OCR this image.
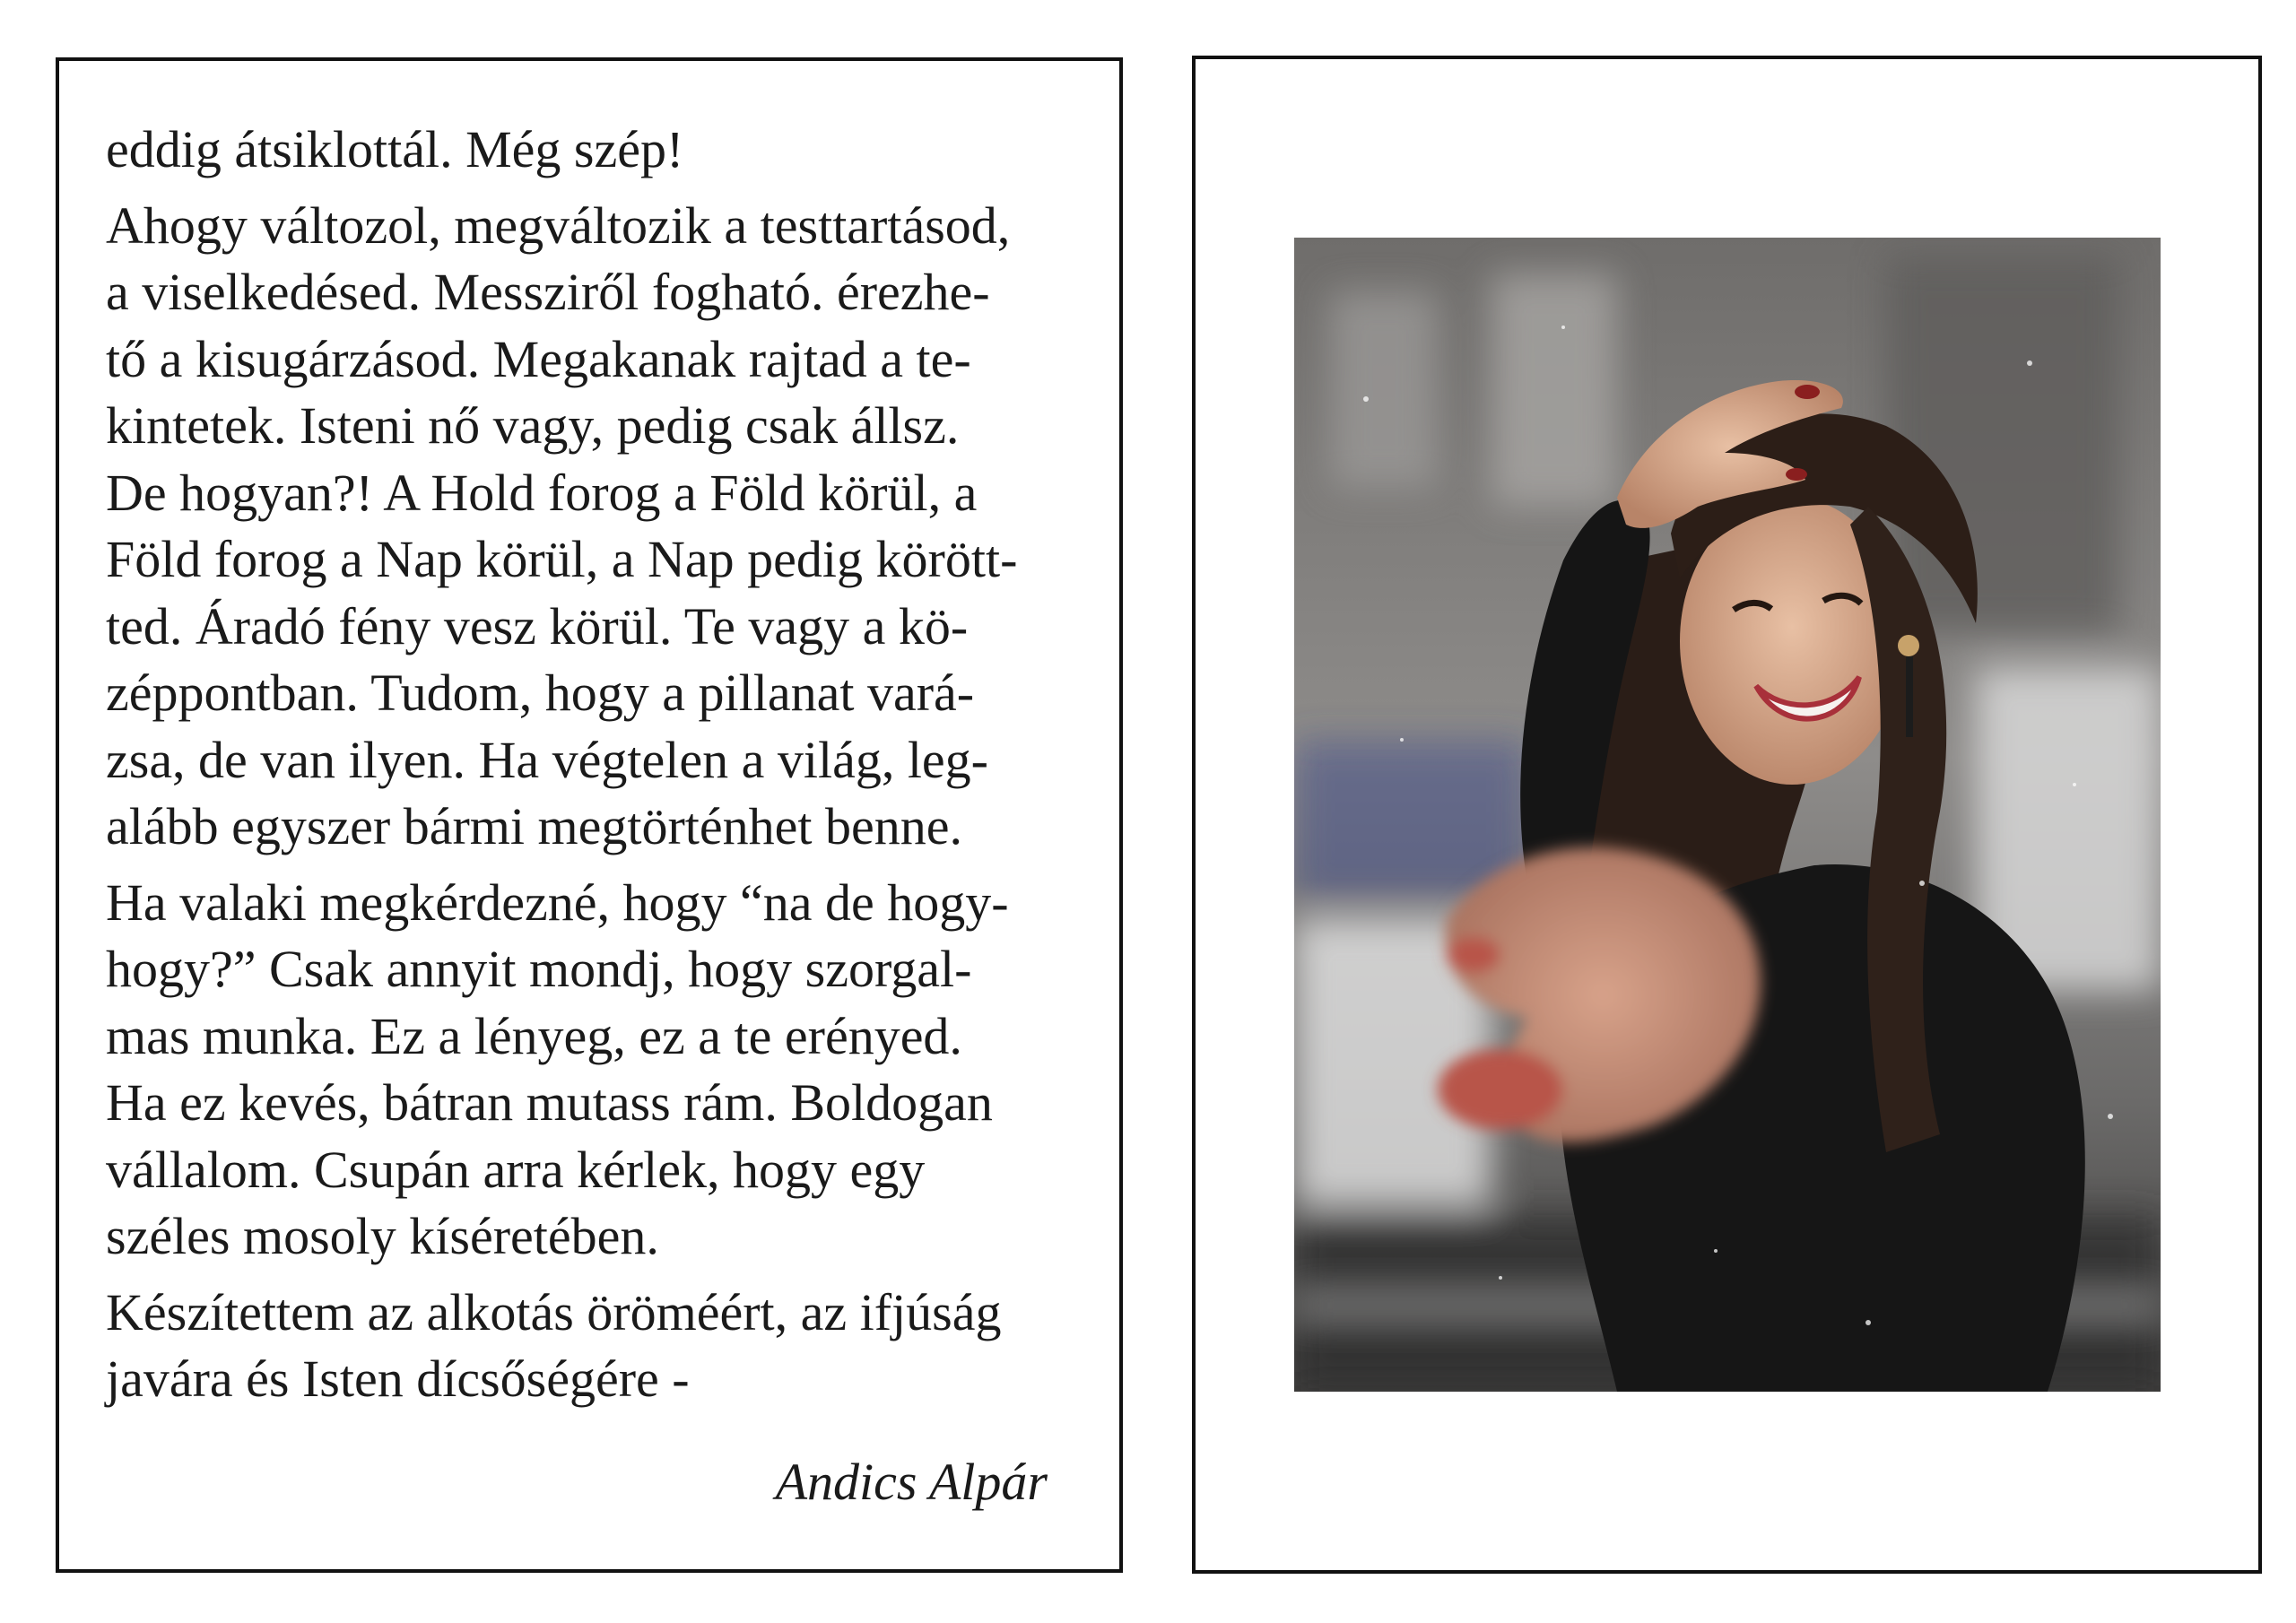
eddig átsiklottál. Még szép!

Ahogy változol, megváltozik a testtartásod,
a viselkedésed. Messziről fogható. érezhe-
tő a kisugárzásod. Megakanak rajtad a te-
kintetek. Isteni nő vagy, pedig csak állsz.
De hogyan?! A Hold forog a Föld körül, a
Föld forog a Nap körül, a Nap pedig körött-
ted. Áradó fény vesz körül. Te vagy a kö-
zéppontban. Tudom, hogy a pillanat vará-
zsa, de van ilyen. Ha végtelen a világ, leg-
alább egyszer bármi megtörténhet benne.

Ha valaki megkérdezné, hogy “na de hogy-
hogy?” Csak annyit mondj, hogy szorgal-
mas munka. Ez a lényeg, ez a te erényed.
Ha ez kevés, bátran mutass rám. Boldogan
vállalom. Csupán arra kérlek, hogy egy
széles mosoly kíséretében.

Készítettem az alkotás öröméért, az ifjúság
javára és Isten dícsőségére -

Andics Alpár
